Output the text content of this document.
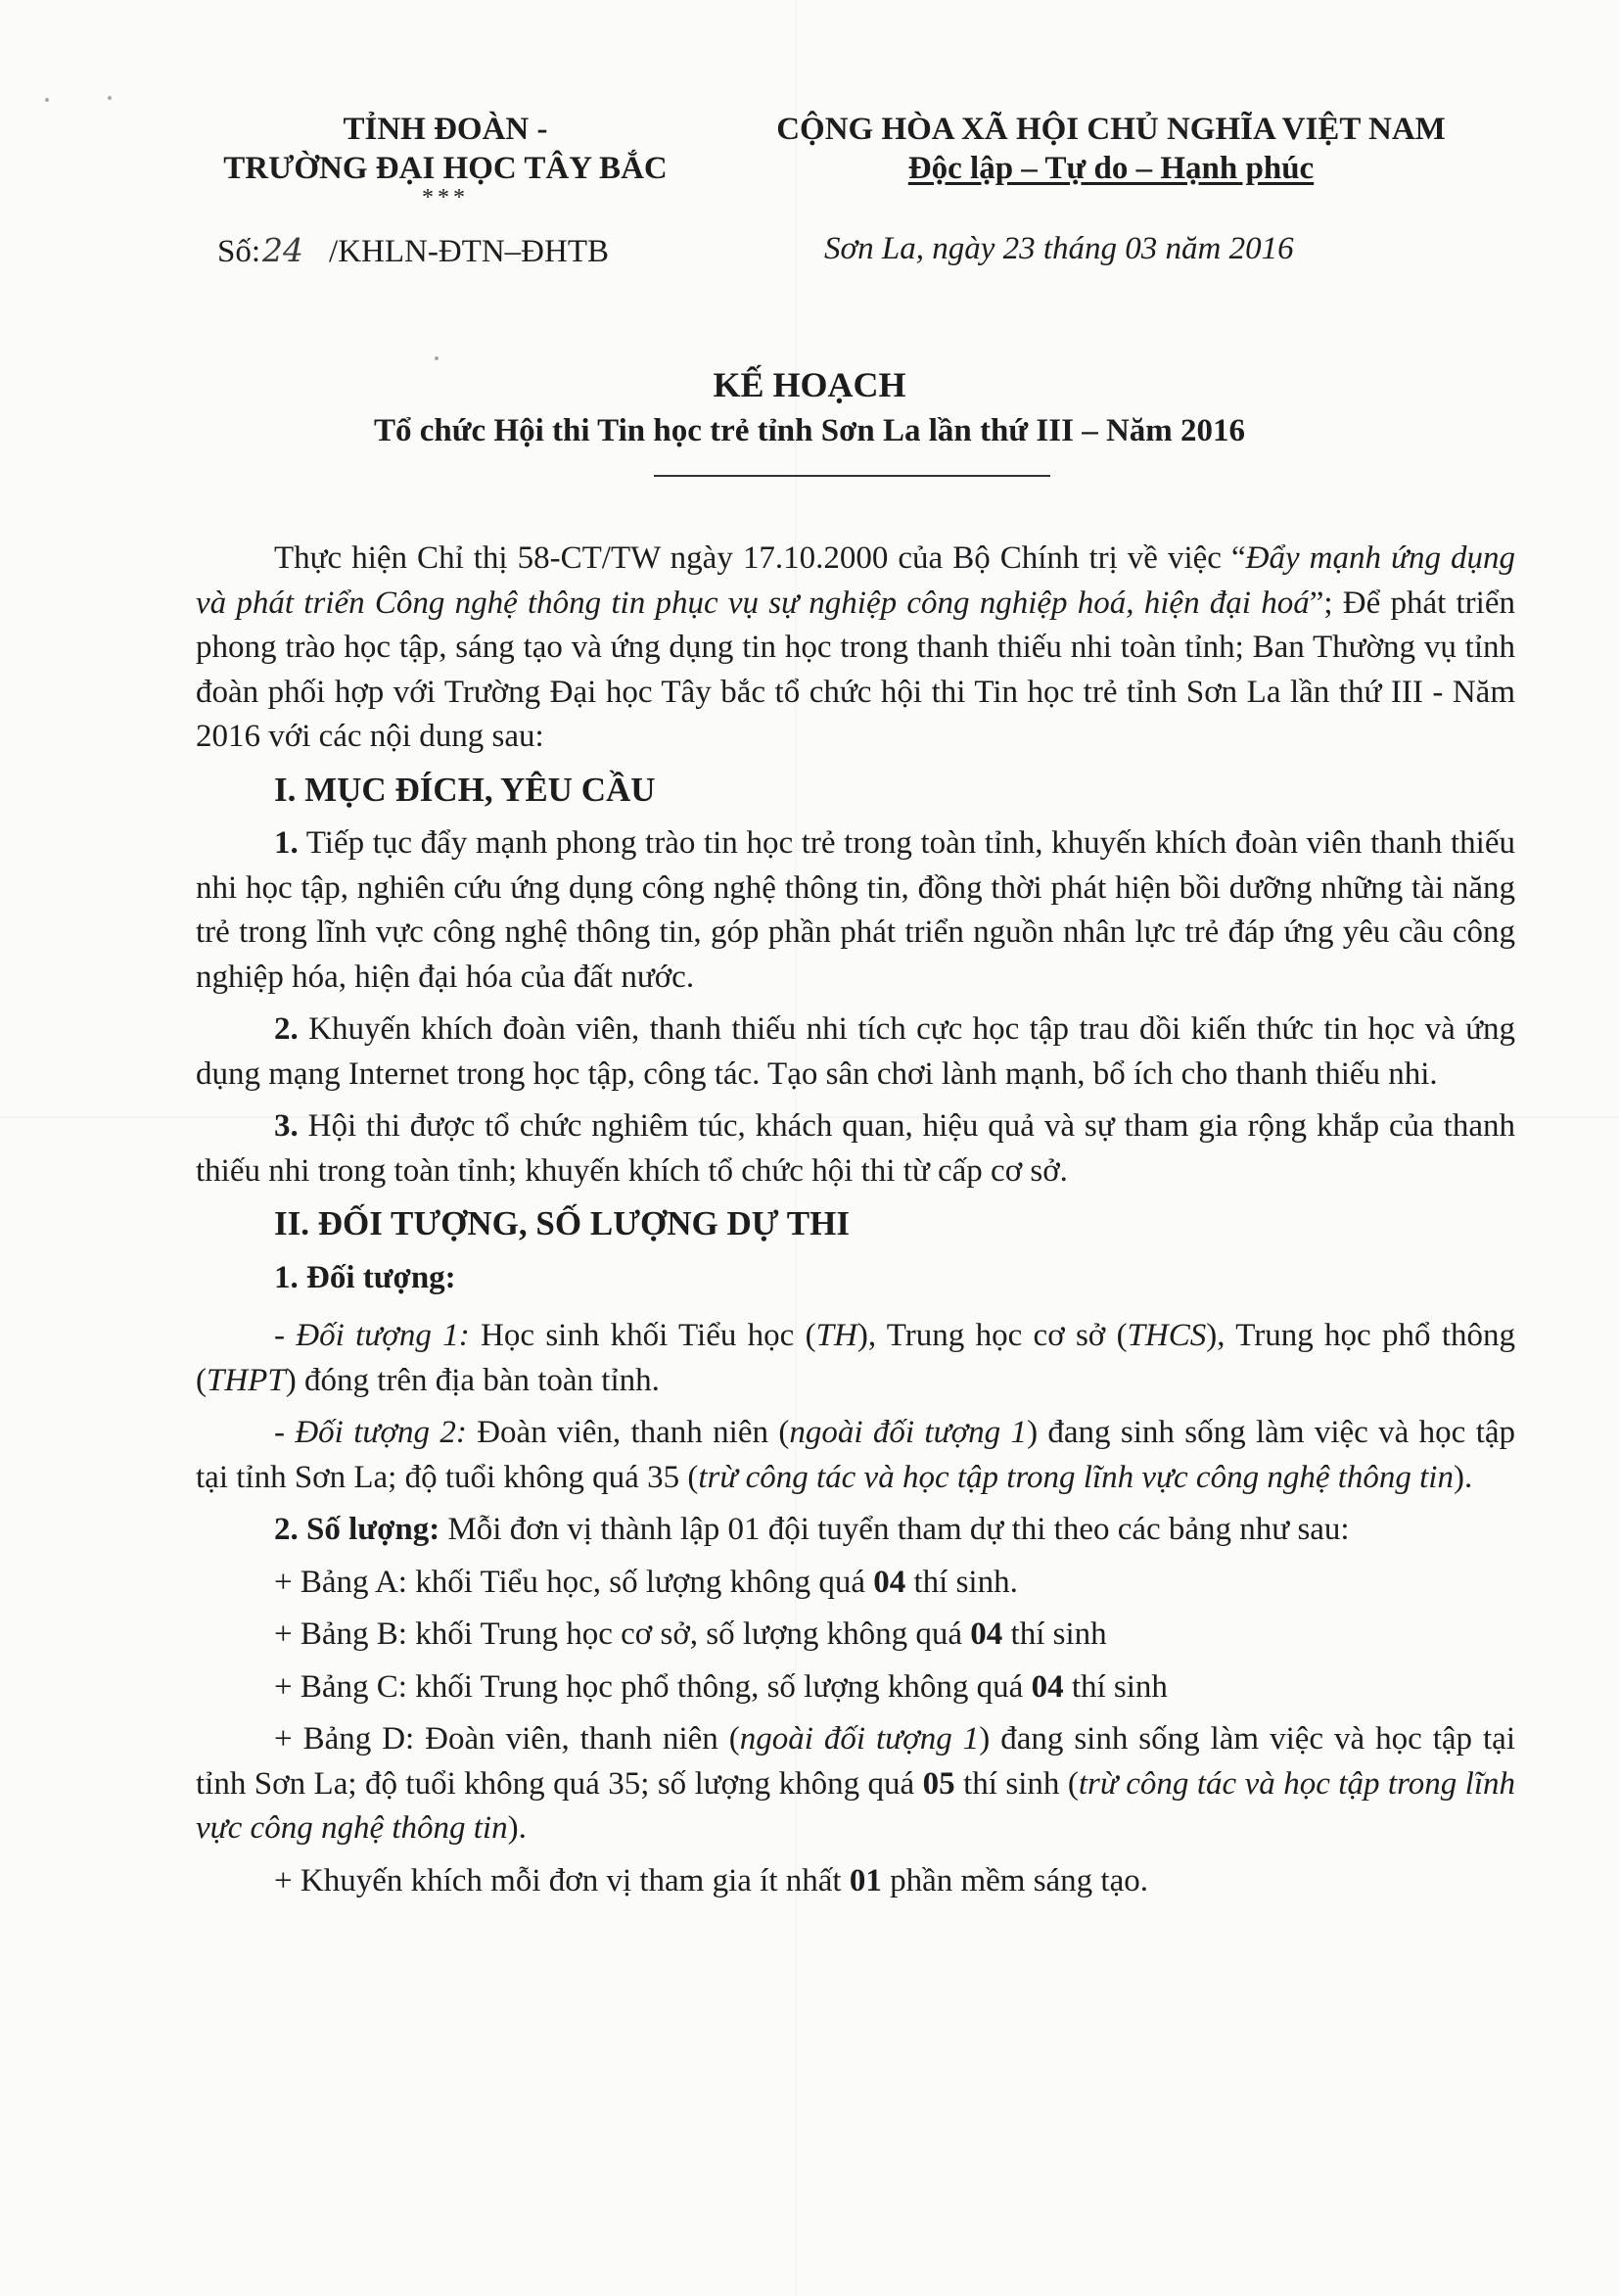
TỈNH ĐOÀN -
TRƯỜNG ĐẠI HỌC TÂY BẮC
***
CỘNG HÒA XÃ HỘI CHỦ NGHĨA VIỆT NAM
Độc lập – Tự do – Hạnh phúc
Số:24 /KHLN-ĐTN–ĐHTB	Sơn La, ngày 23 tháng 03 năm 2016
KẾ HOẠCH
Tổ chức Hội thi Tin học trẻ tỉnh Sơn La lần thứ III – Năm 2016

Thực hiện Chỉ thị 58-CT/TW ngày 17.10.2000 của Bộ Chính trị về việc “Đẩy mạnh ứng dụng và phát triển Công nghệ thông tin phục vụ sự nghiệp công nghiệp hoá, hiện đại hoá”; Để phát triển phong trào học tập, sáng tạo và ứng dụng tin học trong thanh thiếu nhi toàn tỉnh; Ban Thường vụ tỉnh đoàn phối hợp với Trường Đại học Tây bắc tổ chức hội thi Tin học trẻ tỉnh Sơn La lần thứ III - Năm 2016 với các nội dung sau:

I. MỤC ĐÍCH, YÊU CẦU

1. Tiếp tục đẩy mạnh phong trào tin học trẻ trong toàn tỉnh, khuyến khích đoàn viên thanh thiếu nhi học tập, nghiên cứu ứng dụng công nghệ thông tin, đồng thời phát hiện bồi dưỡng những tài năng trẻ trong lĩnh vực công nghệ thông tin, góp phần phát triển nguồn nhân lực trẻ đáp ứng yêu cầu công nghiệp hóa, hiện đại hóa của đất nước.

2. Khuyến khích đoàn viên, thanh thiếu nhi tích cực học tập trau dồi kiến thức tin học và ứng dụng mạng Internet trong học tập, công tác. Tạo sân chơi lành mạnh, bổ ích cho thanh thiếu nhi.

3. Hội thi được tổ chức nghiêm túc, khách quan, hiệu quả và sự tham gia rộng khắp của thanh thiếu nhi trong toàn tỉnh; khuyến khích tổ chức hội thi từ cấp cơ sở.

II. ĐỐI TƯỢNG, SỐ LƯỢNG DỰ THI

1. Đối tượng:

- Đối tượng 1: Học sinh khối Tiểu học (TH), Trung học cơ sở (THCS), Trung học phổ thông (THPT) đóng trên địa bàn toàn tỉnh.

- Đối tượng 2: Đoàn viên, thanh niên (ngoài đối tượng 1) đang sinh sống làm việc và học tập tại tỉnh Sơn La; độ tuổi không quá 35 (trừ công tác và học tập trong lĩnh vực công nghệ thông tin).

2. Số lượng: Mỗi đơn vị thành lập 01 đội tuyển tham dự thi theo các bảng như sau:

+ Bảng A: khối Tiểu học, số lượng không quá 04 thí sinh.

+ Bảng B: khối Trung học cơ sở, số lượng không quá 04 thí sinh

+ Bảng C: khối Trung học phổ thông, số lượng không quá 04 thí sinh

+ Bảng D: Đoàn viên, thanh niên (ngoài đối tượng 1) đang sinh sống làm việc và học tập tại tỉnh Sơn La; độ tuổi không quá 35; số lượng không quá 05 thí sinh (trừ công tác và học tập trong lĩnh vực công nghệ thông tin).

+ Khuyến khích mỗi đơn vị tham gia ít nhất 01 phần mềm sáng tạo.
